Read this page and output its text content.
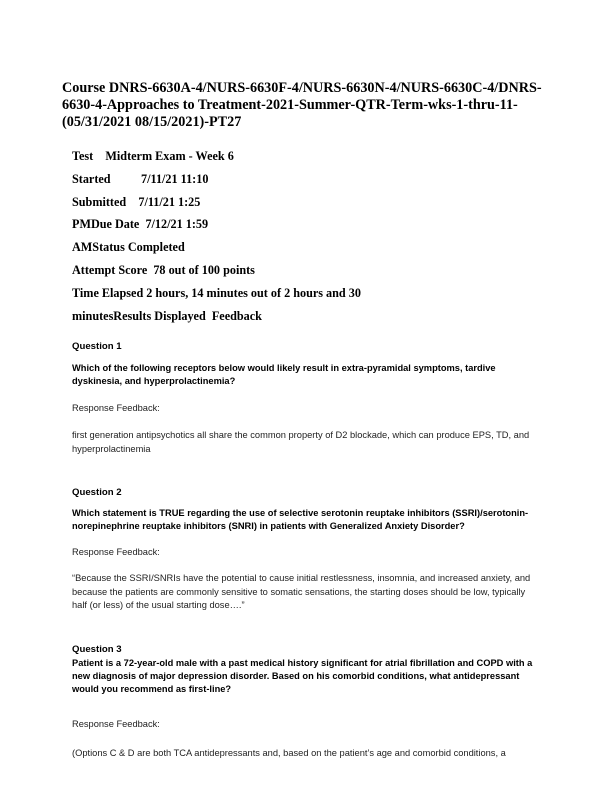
Course DNRS-6630A-4/NURS-6630F-4/NURS-6630N-4/NURS-6630C-4/DNRS-6630-4-Approaches to Treatment-2021-Summer-QTR-Term-wks-1-thru-11-(05/31/2021 08/15/2021)-PT27
Test    Midterm Exam - Week 6
Started          7/11/21 11:10
Submitted    7/11/21 1:25
PMDue Date  7/12/21 1:59
AMStatus Completed
Attempt Score  78 out of 100 points
Time Elapsed 2 hours, 14 minutes out of 2 hours and 30
minutesResults Displayed  Feedback
Question 1
Which of the following receptors below would likely result in extra-pyramidal symptoms, tardive dyskinesia, and hyperprolactinemia?
Response Feedback:
first generation antipsychotics all share the common property of D2 blockade, which can produce EPS, TD, and hyperprolactinemia
Question 2
Which statement is TRUE regarding the use of selective serotonin reuptake inhibitors (SSRI)/serotonin-norepinephrine reuptake inhibitors (SNRI) in patients with Generalized Anxiety Disorder?
Response Feedback:
“Because the SSRI/SNRIs have the potential to cause initial restlessness, insomnia, and increased anxiety, and because the patients are commonly sensitive to somatic sensations, the starting doses should be low, typically half (or less) of the usual starting dose….”
Question 3
Patient is a 72-year-old male with a past medical history significant for atrial fibrillation and COPD with a new diagnosis of major depression disorder. Based on his comorbid conditions, what antidepressant would you recommend as first-line?
Response Feedback:
(Options C & D are both TCA antidepressants and, based on the patient’s age and comorbid conditions, a
